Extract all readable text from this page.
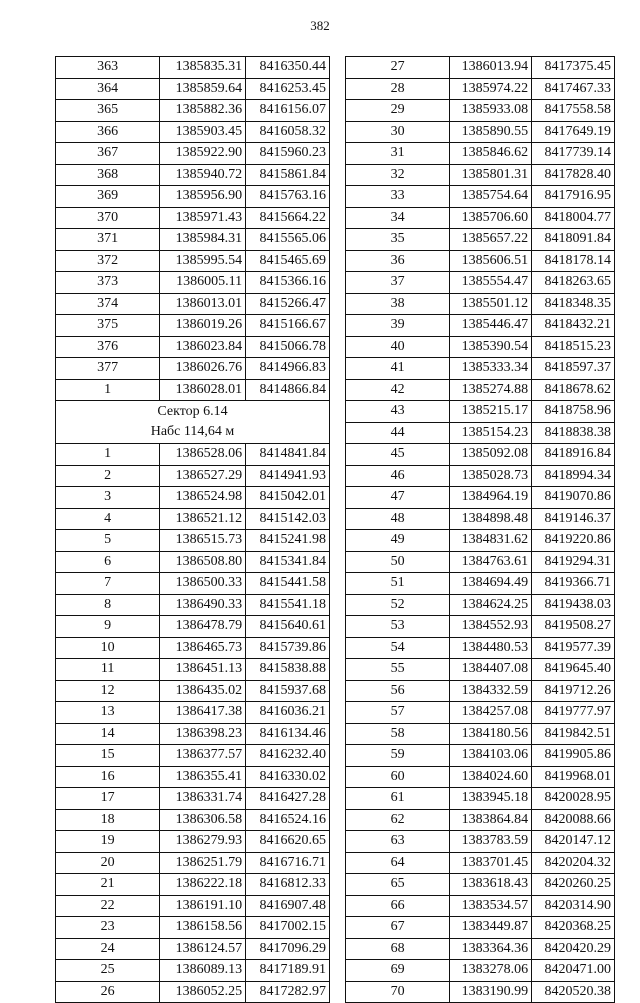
382
363	1385835.31	8416350.44
364	1385859.64	8416253.45
365	1385882.36	8416156.07
366	1385903.45	8416058.32
367	1385922.90	8415960.23
368	1385940.72	8415861.84
369	1385956.90	8415763.16
370	1385971.43	8415664.22
371	1385984.31	8415565.06
372	1385995.54	8415465.69
373	1386005.11	8415366.16
374	1386013.01	8415266.47
375	1386019.26	8415166.67
376	1386023.84	8415066.78
377	1386026.76	8414966.83
1	1386028.01	8414866.84

Сектор 6.14
Набс 114,64 м		

1	1386528.06	8414841.84
2	1386527.29	8414941.93
3	1386524.98	8415042.01
4	1386521.12	8415142.03
5	1386515.73	8415241.98
6	1386508.80	8415341.84
7	1386500.33	8415441.58
8	1386490.33	8415541.18
9	1386478.79	8415640.61
10	1386465.73	8415739.86
11	1386451.13	8415838.88
12	1386435.02	8415937.68
13	1386417.38	8416036.21
14	1386398.23	8416134.46
15	1386377.57	8416232.40
16	1386355.41	8416330.02
17	1386331.74	8416427.28
18	1386306.58	8416524.16
19	1386279.93	8416620.65
20	1386251.79	8416716.71
21	1386222.18	8416812.33
22	1386191.10	8416907.48
23	1386158.56	8417002.15
24	1386124.57	8417096.29
25	1386089.13	8417189.91
26	1386052.25	8417282.97
27	1386013.94	8417375.45
28	1385974.22	8417467.33
29	1385933.08	8417558.58
30	1385890.55	8417649.19
31	1385846.62	8417739.14
32	1385801.31	8417828.40
33	1385754.64	8417916.95
34	1385706.60	8418004.77
35	1385657.22	8418091.84
36	1385606.51	8418178.14
37	1385554.47	8418263.65
38	1385501.12	8418348.35
39	1385446.47	8418432.21
40	1385390.54	8418515.23
41	1385333.34	8418597.37
42	1385274.88	8418678.62
43	1385215.17	8418758.96
44	1385154.23	8418838.38
45	1385092.08	8418916.84
46	1385028.73	8418994.34
47	1384964.19	8419070.86
48	1384898.48	8419146.37
49	1384831.62	8419220.86
50	1384763.61	8419294.31
51	1384694.49	8419366.71
52	1384624.25	8419438.03
53	1384552.93	8419508.27
54	1384480.53	8419577.39
55	1384407.08	8419645.40
56	1384332.59	8419712.26
57	1384257.08	8419777.97
58	1384180.56	8419842.51
59	1384103.06	8419905.86
60	1384024.60	8419968.01
61	1383945.18	8420028.95
62	1383864.84	8420088.66
63	1383783.59	8420147.12
64	1383701.45	8420204.32
65	1383618.43	8420260.25
66	1383534.57	8420314.90
67	1383449.87	8420368.25
68	1383364.36	8420420.29
69	1383278.06	8420471.00
70	1383190.99	8420520.38
